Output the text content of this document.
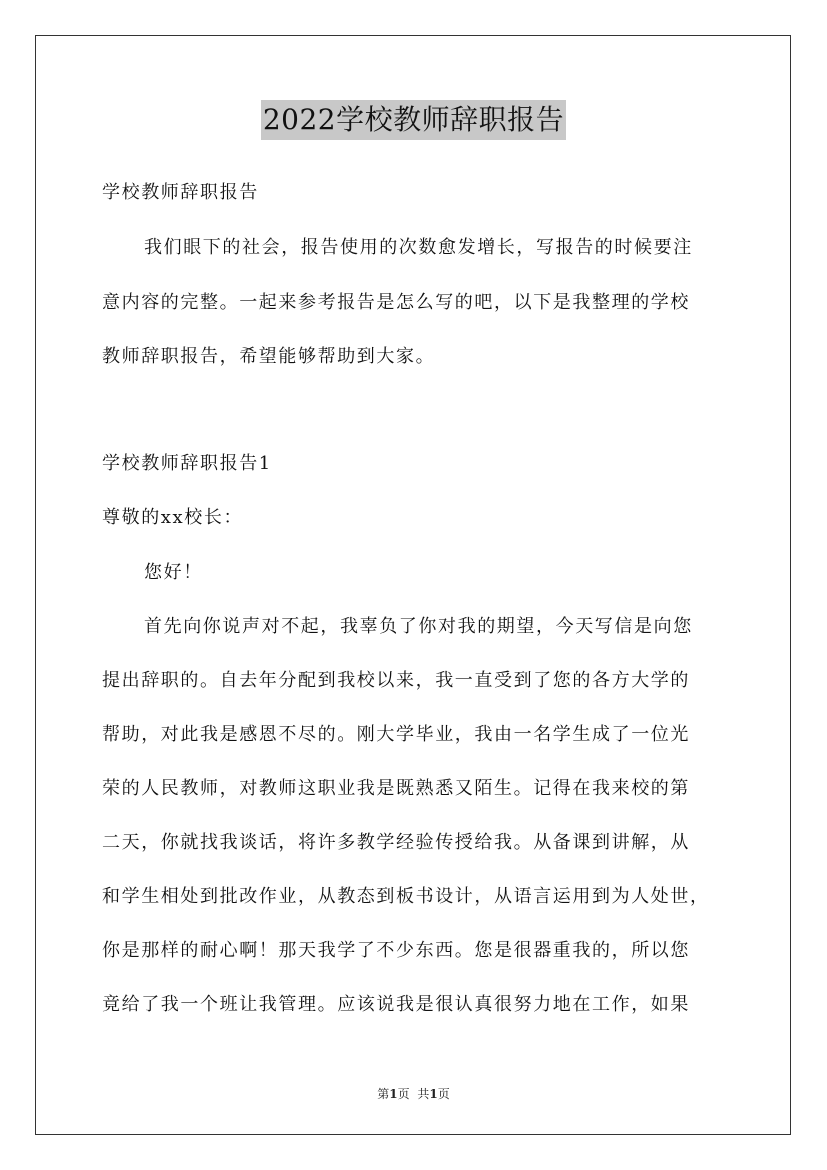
2022学校教师辞职报告
学校教师辞职报告
我们眼下的社会，报告使用的次数愈发增长，写报告的时候要注
意内容的完整。一起来参考报告是怎么写的吧，以下是我整理的学校
教师辞职报告，希望能够帮助到大家。
学校教师辞职报告1
尊敬的xx校长：
您好！
首先向你说声对不起，我辜负了你对我的期望，今天写信是向您
提出辞职的。自去年分配到我校以来，我一直受到了您的各方大学的
帮助，对此我是感恩不尽的。刚大学毕业，我由一名学生成了一位光
荣的人民教师，对教师这职业我是既熟悉又陌生。记得在我来校的第
二天，你就找我谈话，将许多教学经验传授给我。从备课到讲解，从
和学生相处到批改作业，从教态到板书设计，从语言运用到为人处世，
你是那样的耐心啊！那天我学了不少东西。您是很器重我的，所以您
竟给了我一个班让我管理。应该说我是很认真很努力地在工作，如果
第1页 共1页
